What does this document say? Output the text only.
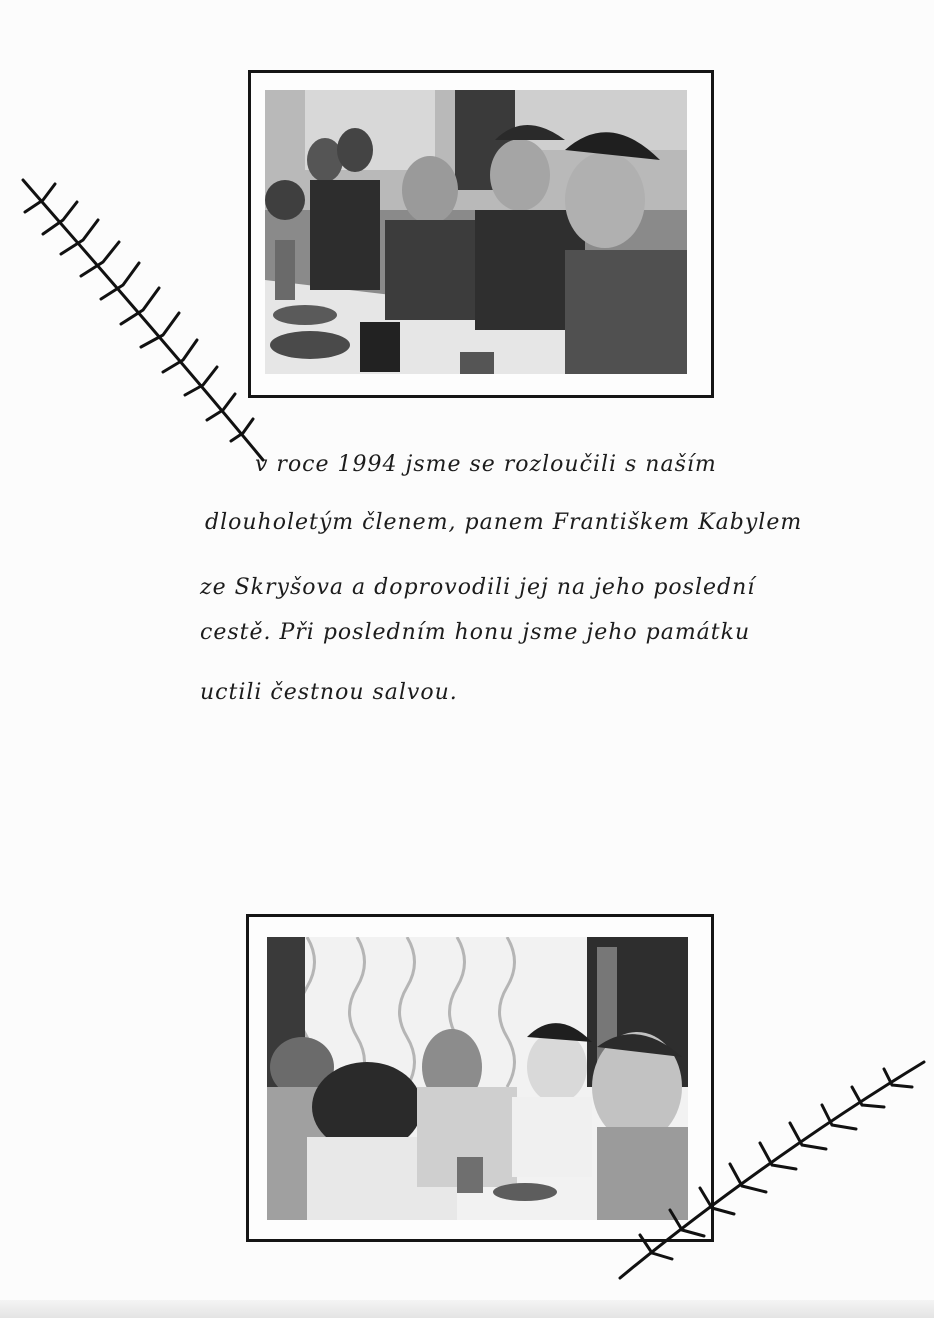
v roce 1994 jsme se rozloučili s naším
dlouholetým členem, panem Františkem Kabylem
ze Skryšova a doprovodili jej na jeho poslední
cestě. Při posledním honu jsme jeho památku
uctili čestnou salvou.
